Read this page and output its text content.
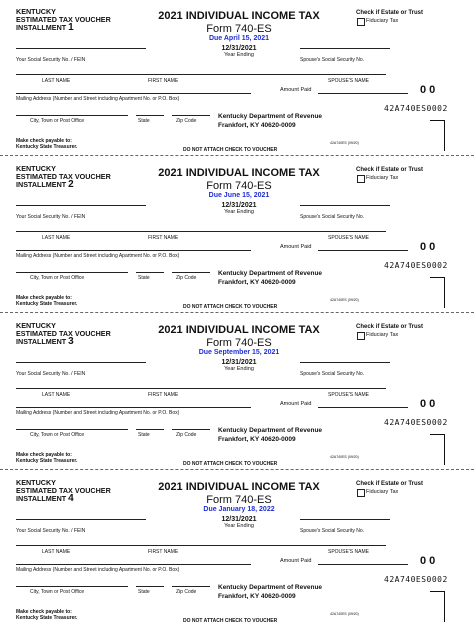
KENTUCKY
ESTIMATED TAX VOUCHER
INSTALLMENT 1
2021 INDIVIDUAL INCOME TAX
Form 740-ES
Due April 15, 2021
12/31/2021
Year Ending
Check if Estate or Trust
Fiduciary Tax
Your Social Security No. / FEIN	Spouse's Social Security No.
LAST NAME	FIRST NAME	SPOUSE'S NAME
Mailing Address (Number and Street including Apartment No. or P.O. Box)
Amount Paid	0 0
City, Town or Post Office	State	Zip Code
42A740ES0002
Kentucky Department of Revenue
Frankfort, KY 40620-0009
Make check payable to:
Kentucky State Treasurer.	DO NOT ATTACH CHECK TO VOUCHER
42A740ES (09/20)
KENTUCKY
ESTIMATED TAX VOUCHER
INSTALLMENT 2
2021 INDIVIDUAL INCOME TAX
Form 740-ES
Due June 15, 2021
12/31/2021
Year Ending
Check if Estate or Trust
Fiduciary Tax
Your Social Security No. / FEIN	Spouse's Social Security No.
LAST NAME	FIRST NAME	SPOUSE'S NAME
Mailing Address (Number and Street including Apartment No. or P.O. Box)
Amount Paid	0 0
City, Town or Post Office	State	Zip Code
42A740ES0002
Kentucky Department of Revenue
Frankfort, KY 40620-0009
Make check payable to:
Kentucky State Treasurer.	DO NOT ATTACH CHECK TO VOUCHER
42A740ES (09/20)
KENTUCKY
ESTIMATED TAX VOUCHER
INSTALLMENT 3
2021 INDIVIDUAL INCOME TAX
Form 740-ES
Due September 15, 2021
12/31/2021
Year Ending
Check if Estate or Trust
Fiduciary Tax
Your Social Security No. / FEIN	Spouse's Social Security No.
LAST NAME	FIRST NAME	SPOUSE'S NAME
Mailing Address (Number and Street including Apartment No. or P.O. Box)
Amount Paid	0 0
City, Town or Post Office	State	Zip Code
42A740ES0002
Kentucky Department of Revenue
Frankfort, KY 40620-0009
Make check payable to:
Kentucky State Treasurer.	DO NOT ATTACH CHECK TO VOUCHER
42A740ES (09/20)
KENTUCKY
ESTIMATED TAX VOUCHER
INSTALLMENT 4
2021 INDIVIDUAL INCOME TAX
Form 740-ES
Due January 18, 2022
12/31/2021
Year Ending
Check if Estate or Trust
Fiduciary Tax
Your Social Security No. / FEIN	Spouse's Social Security No.
LAST NAME	FIRST NAME	SPOUSE'S NAME
Mailing Address (Number and Street including Apartment No. or P.O. Box)
Amount Paid	0 0
City, Town or Post Office	State	Zip Code
42A740ES0002
Kentucky Department of Revenue
Frankfort, KY 40620-0009
Make check payable to:
Kentucky State Treasurer.	DO NOT ATTACH CHECK TO VOUCHER
42A740ES (09/20)
